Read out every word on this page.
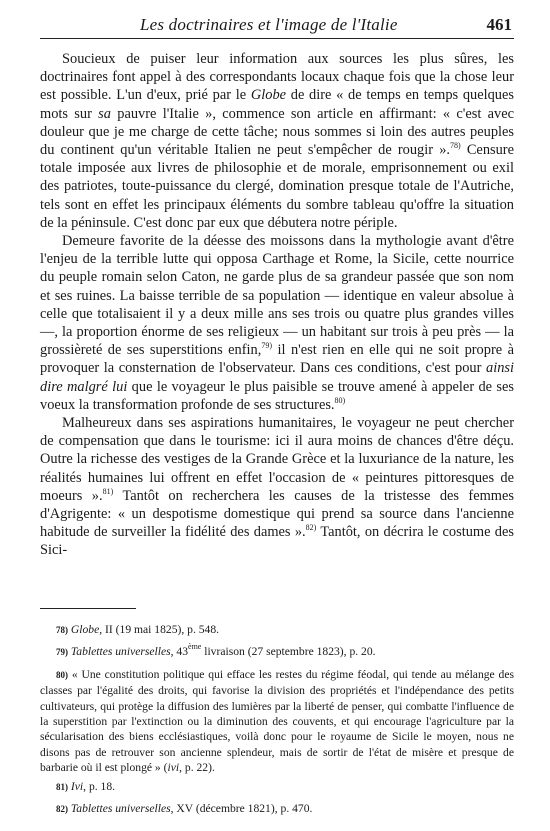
Les doctrinaires et l'image de l'Italie	461

Soucieux de puiser leur information aux sources les plus sûres, les doctrinaires font appel à des correspondants locaux chaque fois que la chose leur est possible. L'un d'eux, prié par le Globe de dire « de temps en temps quelques mots sur sa pauvre l'Italie », commence son article en affirmant: « c'est avec douleur que je me charge de cette tâche; nous sommes si loin des autres peuples du continent qu'un véritable Italien ne peut s'empêcher de rougir ».$^{78)}$ Censure totale imposée aux livres de philosophie et de morale, emprisonnement ou exil des patriotes, toute-puissance du clergé, domination presque totale de l'Autriche, tels sont en effet les principaux éléments du sombre tableau qu'offre la situation de la péninsule. C'est donc par eux que débutera notre périple.

Demeure favorite de la déesse des moissons dans la mythologie avant d'être l'enjeu de la terrible lutte qui opposa Carthage et Rome, la Sicile, cette nourrice du peuple romain selon Caton, ne garde plus de sa grandeur passée que son nom et ses ruines. La baisse terrible de sa population — identique en valeur absolue à celle que totalisaient il y a deux mille ans ses trois ou quatre plus grandes villes —, la proportion énorme de ses religieux — un habitant sur trois à peu près — la grossièreté de ses superstitions enfin,$^{79)}$ il n'est rien en elle qui ne soit propre à provoquer la consternation de l'observateur. Dans ces conditions, c'est pour ainsi dire malgré lui que le voyageur le plus paisible se trouve amené à appeler de ses voeux la transformation profonde de ses structures.$^{80)}$

Malheureux dans ses aspirations humanitaires, le voyageur ne peut chercher de compensation que dans le tourisme: ici il aura moins de chances d'être déçu. Outre la richesse des vestiges de la Grande Grèce et la luxuriance de la nature, les réalités humaines lui offrent en effet l'occasion de « peintures pittoresques de moeurs ».$^{81)}$ Tantôt on recherchera les causes de la tristesse des femmes d'Agrigente: « un despotisme domestique qui prend sa source dans l'ancienne habitude de surveiller la fidélité des dames ».$^{82)}$ Tantôt, on décrira le costume des Sici-

78) Globe, II (19 mai 1825), p. 548.

79) Tablettes universelles, 43ème livraison (27 septembre 1823), p. 20.

80) « Une constitution politique qui efface les restes du régime féodal, qui tende au mélange des classes par l'égalité des droits, qui favorise la division des propriétés et l'indépendance des petits cultivateurs, qui protège la diffusion des lumières par la liberté de penser, qui combatte l'influence de la superstition par l'extinction ou la diminution des couvents, et qui encourage l'agriculture par la sécularisation des biens ecclésiastiques, voilà donc pour le royaume de Sicile le moyen, nous ne disons pas de retrouver son ancienne splendeur, mais de sortir de l'état de misère et presque de barbarie où il est plongé » (ivi, p. 22).

81) Ivi, p. 18.

82) Tablettes universelles, XV (décembre 1821), p. 470.
